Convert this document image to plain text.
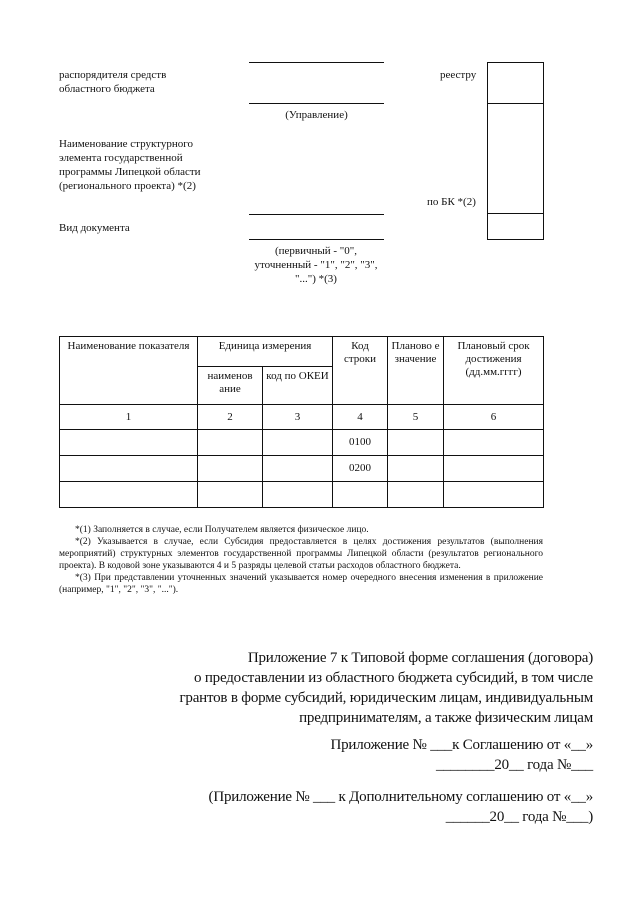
распорядителя средств областного бюджета
(Управление)
реестру
Наименование структурного элемента государственной программы Липецкой области (регионального проекта) *(2)
по БК *(2)
Вид документа
(первичный - "0", уточненный - "1", "2", "3", "...") *(3)
Наименование показателя	Единица измерения		Код строки	Планово е значение	Плановый срок достижения (дд.мм.гггг)
	наименов ание	код по ОКЕИ			
1	2	3	4	5	6
			0100		
			0200		

*(1) Заполняется в случае, если Получателем является физическое лицо.

*(2) Указывается в случае, если Субсидия предоставляется в целях достижения результатов (выполнения мероприятий) структурных элементов государственной программы Липецкой области (результатов регионального проекта). В кодовой зоне указываются 4 и 5 разряды целевой статьи расходов областного бюджета.

*(3) При представлении уточненных значений указывается номер очередного внесения изменения в приложение (например, "1", "2", "3", "...").

Приложение 7 к Типовой форме соглашения (договора)
о предоставлении из областного бюджета субсидий, в том числе
грантов в форме субсидий, юридическим лицам, индивидуальным
предпринимателям, а также физическим лицам
Приложение № ___к Соглашению от «__»
________20__ года №___
(Приложение № ___ к Дополнительному соглашению от «__»
______20__ года №___)
